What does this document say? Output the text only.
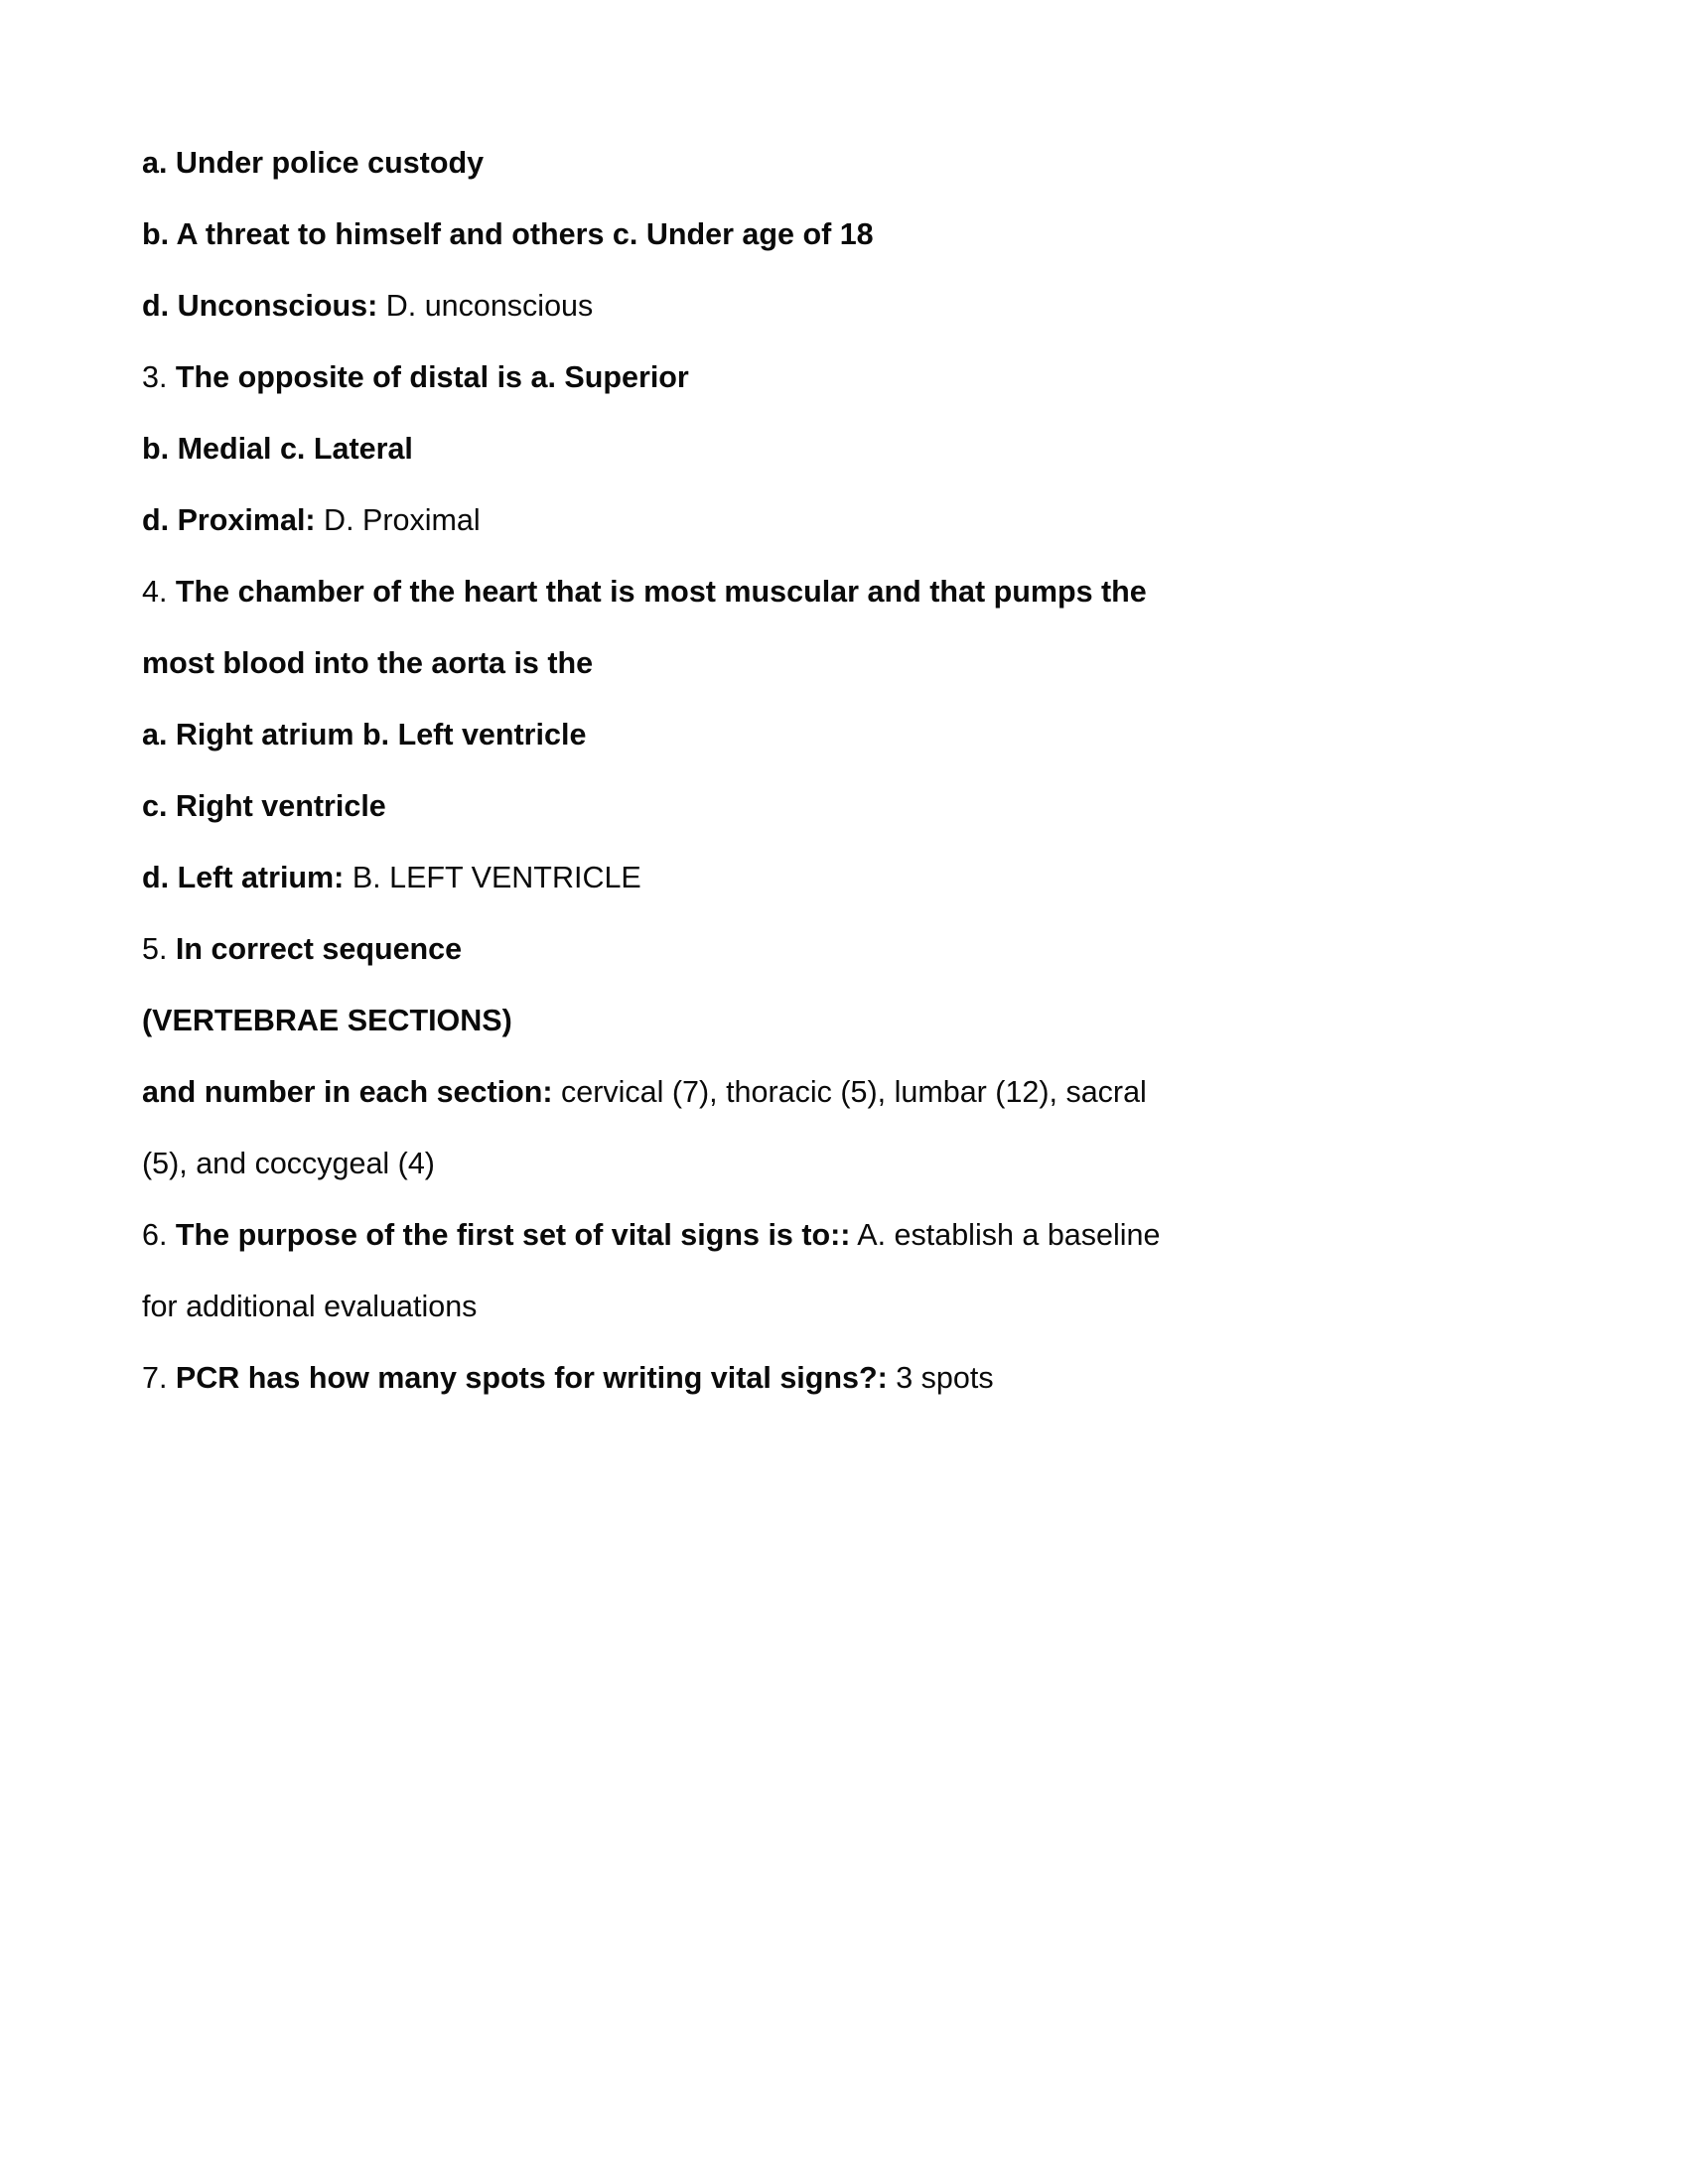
a. Under police custody
b. A threat to himself and others c. Under age of 18
d. Unconscious: D. unconscious
3. The opposite of distal is a. Superior
b. Medial c. Lateral
d. Proximal: D. Proximal
4. The chamber of the heart that is most muscular and that pumps the most blood into the aorta is the
a. Right atrium b. Left ventricle
c. Right ventricle
d. Left atrium: B. LEFT VENTRICLE
5. In correct sequence
(VERTEBRAE SECTIONS)
and number in each section: cervical (7), thoracic (5), lumbar (12), sacral (5), and coccygeal (4)
6. The purpose of the first set of vital signs is to:: A. establish a baseline for additional evaluations
7. PCR has how many spots for writing vital signs?: 3 spots
